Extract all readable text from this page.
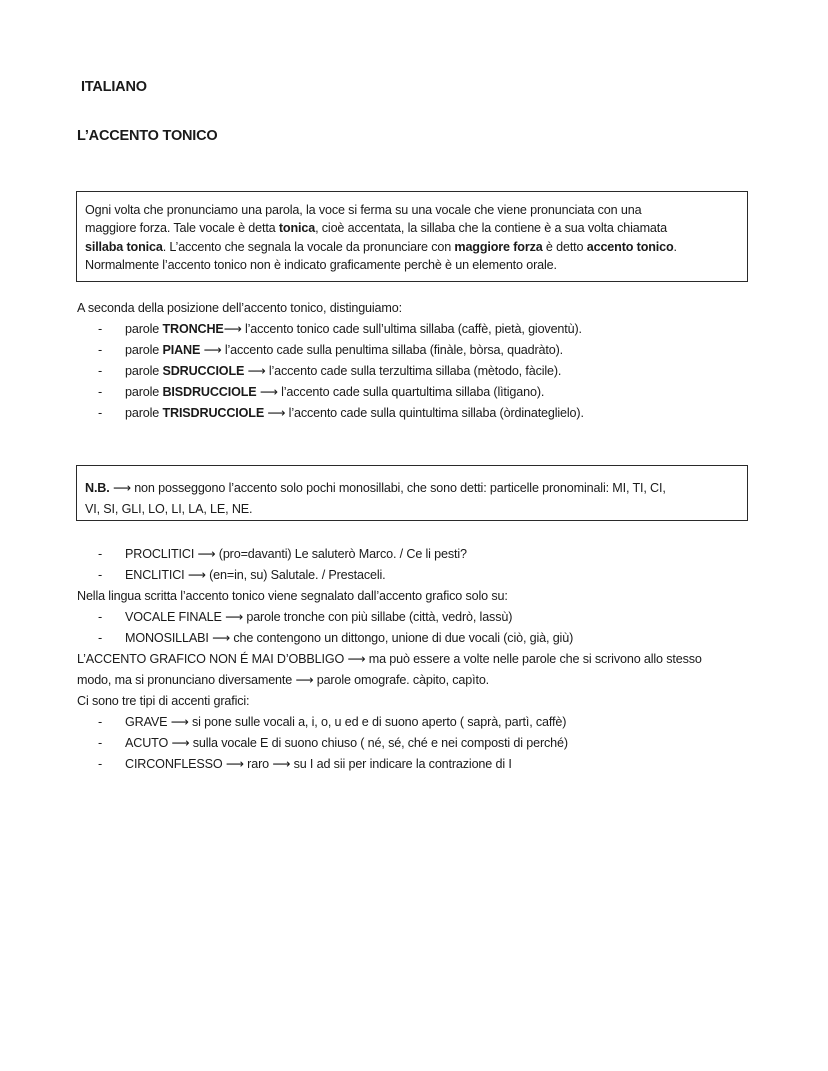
ITALIANO
L’ACCENTO TONICO

Ogni volta che pronunciamo una parola, la voce si ferma su una vocale che viene pronunciata con una

maggiore forza. Tale vocale è detta tonica, cioè accentata, la sillaba che la contiene è a sua volta chiamata

sillaba tonica. L’accento che segnala la vocale da pronunciare con maggiore forza è detto accento tonico.

Normalmente l’accento tonico non è indicato graficamente perchè è un elemento orale.

A seconda della posizione dell’accento tonico, distinguiamo:
- parole TRONCHE⟶ l’accento tonico cade sull’ultima sillaba (caffè, pietà, gioventù).
- parole PIANE ⟶ l’accento cade sulla penultima sillaba (finàle, bòrsa, quadràto).
- parole SDRUCCIOLE ⟶ l’accento cade sulla terzultima sillaba (mètodo, fàcile).
- parole BISDRUCCIOLE ⟶ l’accento cade sulla quartultima sillaba (lìtigano).
- parole TRISDRUCCIOLE ⟶ l’accento cade sulla quintultima sillaba (òrdinateglielo).

N.B. ⟶ non posseggono l’accento solo pochi monosillabi, che sono detti: particelle pronominali: MI, TI, CI,

VI, SI, GLI, LO, LI, LA, LE, NE.

- PROCLITICI ⟶ (pro=davanti) Le saluterò Marco. / Ce li pesti?
- ENCLITICI ⟶ (en=in, su) Salutale. / Prestaceli.
Nella lingua scritta l’accento tonico viene segnalato dall’accento grafico solo su:
- VOCALE FINALE ⟶ parole tronche con più sillabe (città, vedrò, lassù)
- MONOSILLABI ⟶ che contengono un dittongo, unione di due vocali (ciò, già, giù)
L’ACCENTO GRAFICO NON É MAI D’OBBLIGO ⟶ ma può essere a volte nelle parole che si scrivono allo stesso
modo, ma si pronunciano diversamente ⟶ parole omografe. càpito, capìto.
Ci sono tre tipi di accenti grafici:
- GRAVE ⟶ si pone sulle vocali a, i, o, u ed e di suono aperto ( saprà, partì, caffè)
- ACUTO ⟶ sulla vocale E di suono chiuso ( né, sé, ché e nei composti di perché)
- CIRCONFLESSO ⟶ raro ⟶ su I ad sii per indicare la contrazione di I
